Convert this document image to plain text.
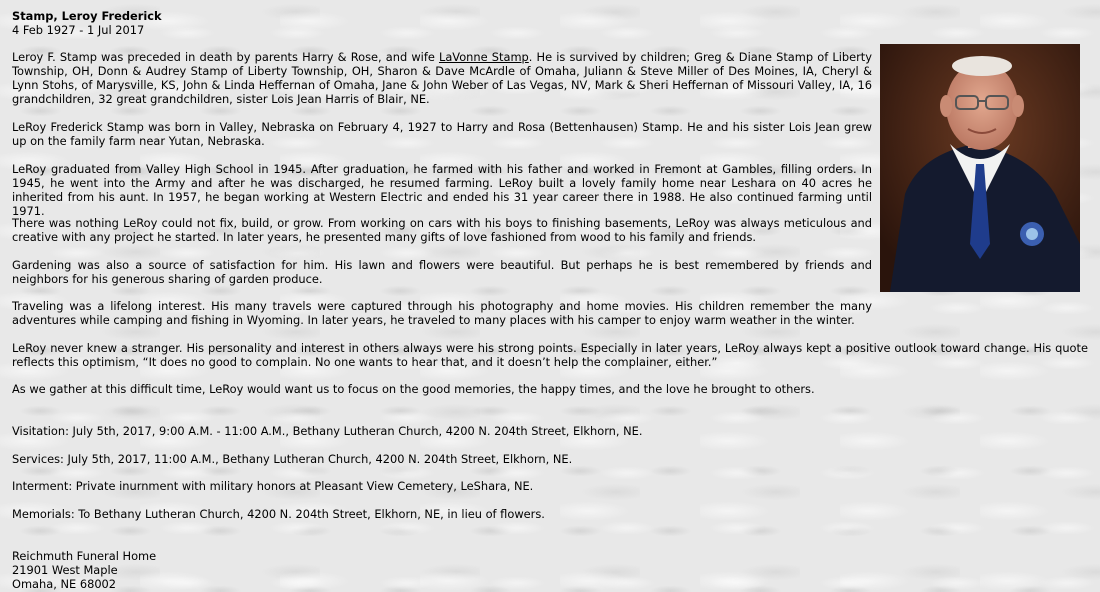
Stamp, Leroy Frederick
4 Feb 1927 - 1 Jul 2017

Leroy F. Stamp was preceded in death by parents Harry & Rose, and wife LaVonne Stamp. He is survived by children; Greg & Diane Stamp of Liberty Township, OH, Donn & Audrey Stamp of Liberty Township, OH, Sharon & Dave McArdle of Omaha, Juliann & Steve Miller of Des Moines, IA, Cheryl & Lynn Stohs, of Marysville, KS, John & Linda Heffernan of Omaha, Jane & John Weber of Las Vegas, NV, Mark & Sheri Heffernan of Missouri Valley, IA, 16 grandchildren, 32 great grandchildren, sister Lois Jean Harris of Blair, NE.

LeRoy Frederick Stamp was born in Valley, Nebraska on February 4, 1927 to Harry and Rosa (Bettenhausen) Stamp. He and his sister Lois Jean grew up on the family farm near Yutan, Nebraska.

LeRoy graduated from Valley High School in 1945. After graduation, he farmed with his father and worked in Fremont at Gambles, filling orders. In 1945, he went into the Army and after he was discharged, he resumed farming. LeRoy built a lovely family home near Leshara on 40 acres he inherited from his aunt. In 1957, he began working at Western Electric and ended his 31 year career there in 1988. He also continued farming until 1971.

There was nothing LeRoy could not fix, build, or grow. From working on cars with his boys to finishing basements, LeRoy was always meticulous and creative with any project he started. In later years, he presented many gifts of love fashioned from wood to his family and friends.

Gardening was also a source of satisfaction for him. His lawn and flowers were beautiful. But perhaps he is best remembered by friends and neighbors for his generous sharing of garden produce.

Traveling was a lifelong interest. His many travels were captured through his photography and home movies. His children remember the many adventures while camping and fishing in Wyoming. In later years, he traveled to many places with his camper to enjoy warm weather in the winter.

LeRoy never knew a stranger. His personality and interest in others always were his strong points. Especially in later years, LeRoy always kept a positive outlook toward change. His quote reflects this optimism, “It does no good to complain. No one wants to hear that, and it doesn’t help the complainer, either.”

As we gather at this difficult time, LeRoy would want us to focus on the good memories, the happy times, and the love he brought to others.

Visitation: July 5th, 2017, 9:00 A.M. - 11:00 A.M., Bethany Lutheran Church, 4200 N. 204th Street, Elkhorn, NE.
Services: July 5th, 2017, 11:00 A.M., Bethany Lutheran Church, 4200 N. 204th Street, Elkhorn, NE.
Interment: Private inurnment with military honors at Pleasant View Cemetery, LeShara, NE.
Memorials: To Bethany Lutheran Church, 4200 N. 204th Street, Elkhorn, NE, in lieu of flowers.
Reichmuth Funeral Home
21901 West Maple
Omaha, NE 68002
